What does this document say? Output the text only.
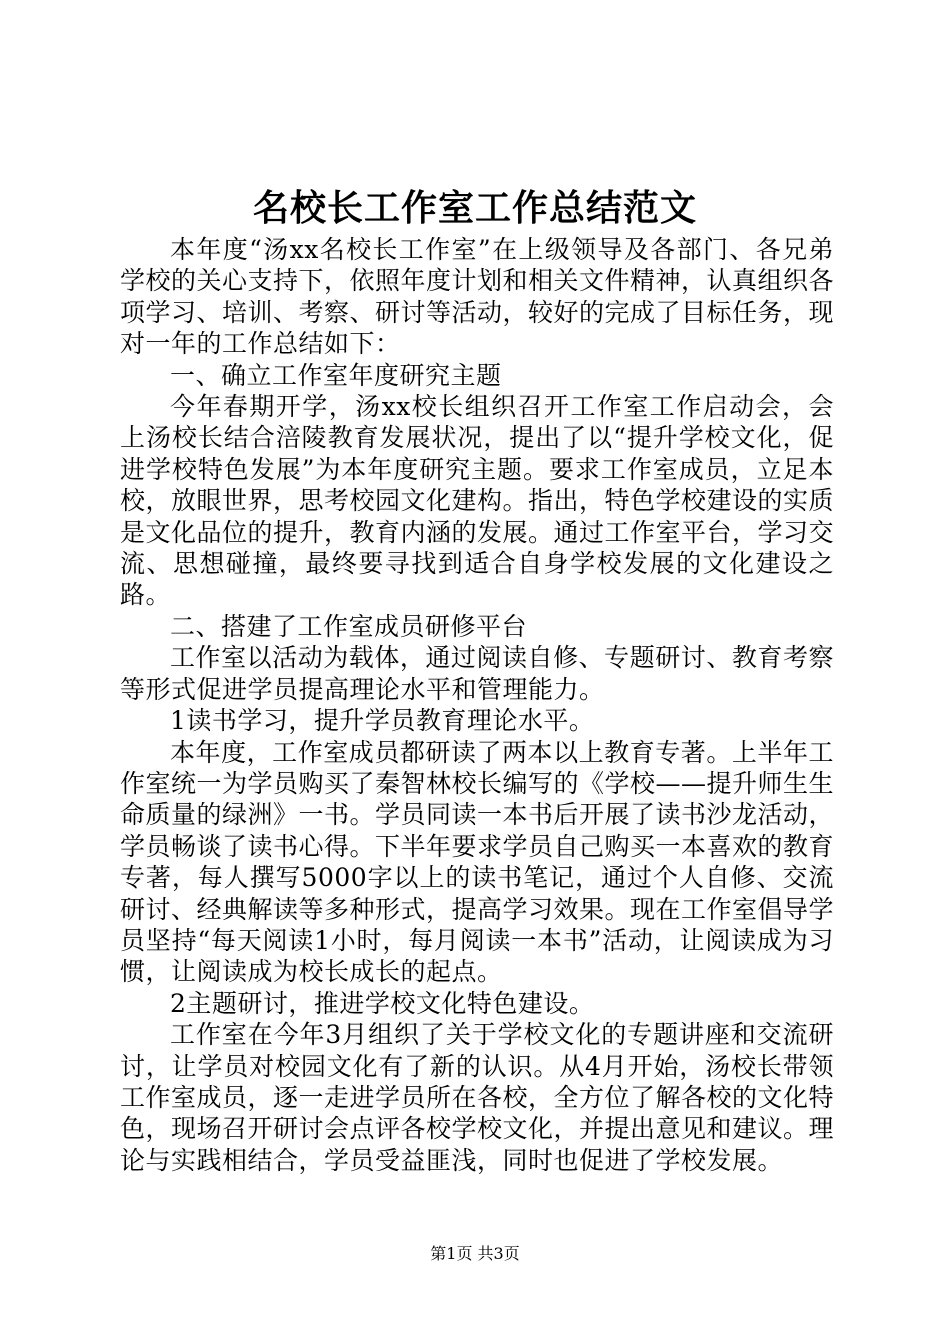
名校长工作室工作总结范文

本年度“汤xx名校长工作室”在上级领导及各部门、各兄弟学校的关心支持下，依照年度计划和相关文件精神，认真组织各项学习、培训、考察、研讨等活动，较好的完成了目标任务，现对一年的工作总结如下：

一、确立工作室年度研究主题

今年春期开学，汤xx校长组织召开工作室工作启动会，会上汤校长结合涪陵教育发展状况，提出了以“提升学校文化，促进学校特色发展”为本年度研究主题。要求工作室成员，立足本校，放眼世界，思考校园文化建构。指出，特色学校建设的实质是文化品位的提升，教育内涵的发展。通过工作室平台，学习交流、思想碰撞，最终要寻找到适合自身学校发展的文化建设之路。

二、搭建了工作室成员研修平台

工作室以活动为载体，通过阅读自修、专题研讨、教育考察等形式促进学员提高理论水平和管理能力。

1读书学习，提升学员教育理论水平。

本年度，工作室成员都研读了两本以上教育专著。上半年工作室统一为学员购买了秦智林校长编写的《学校——提升师生生命质量的绿洲》一书。学员同读一本书后开展了读书沙龙活动，学员畅谈了读书心得。下半年要求学员自己购买一本喜欢的教育专著，每人撰写5000字以上的读书笔记，通过个人自修、交流研讨、经典解读等多种形式，提高学习效果。现在工作室倡导学员坚持“每天阅读1小时，每月阅读一本书”活动，让阅读成为习惯，让阅读成为校长成长的起点。

2主题研讨，推进学校文化特色建设。

工作室在今年3月组织了关于学校文化的专题讲座和交流研讨，让学员对校园文化有了新的认识。从4月开始，汤校长带领工作室成员，逐一走进学员所在各校，全方位了解各校的文化特色，现场召开研讨会点评各校学校文化，并提出意见和建议。理论与实践相结合，学员受益匪浅，同时也促进了学校发展。

第1页 共3页
